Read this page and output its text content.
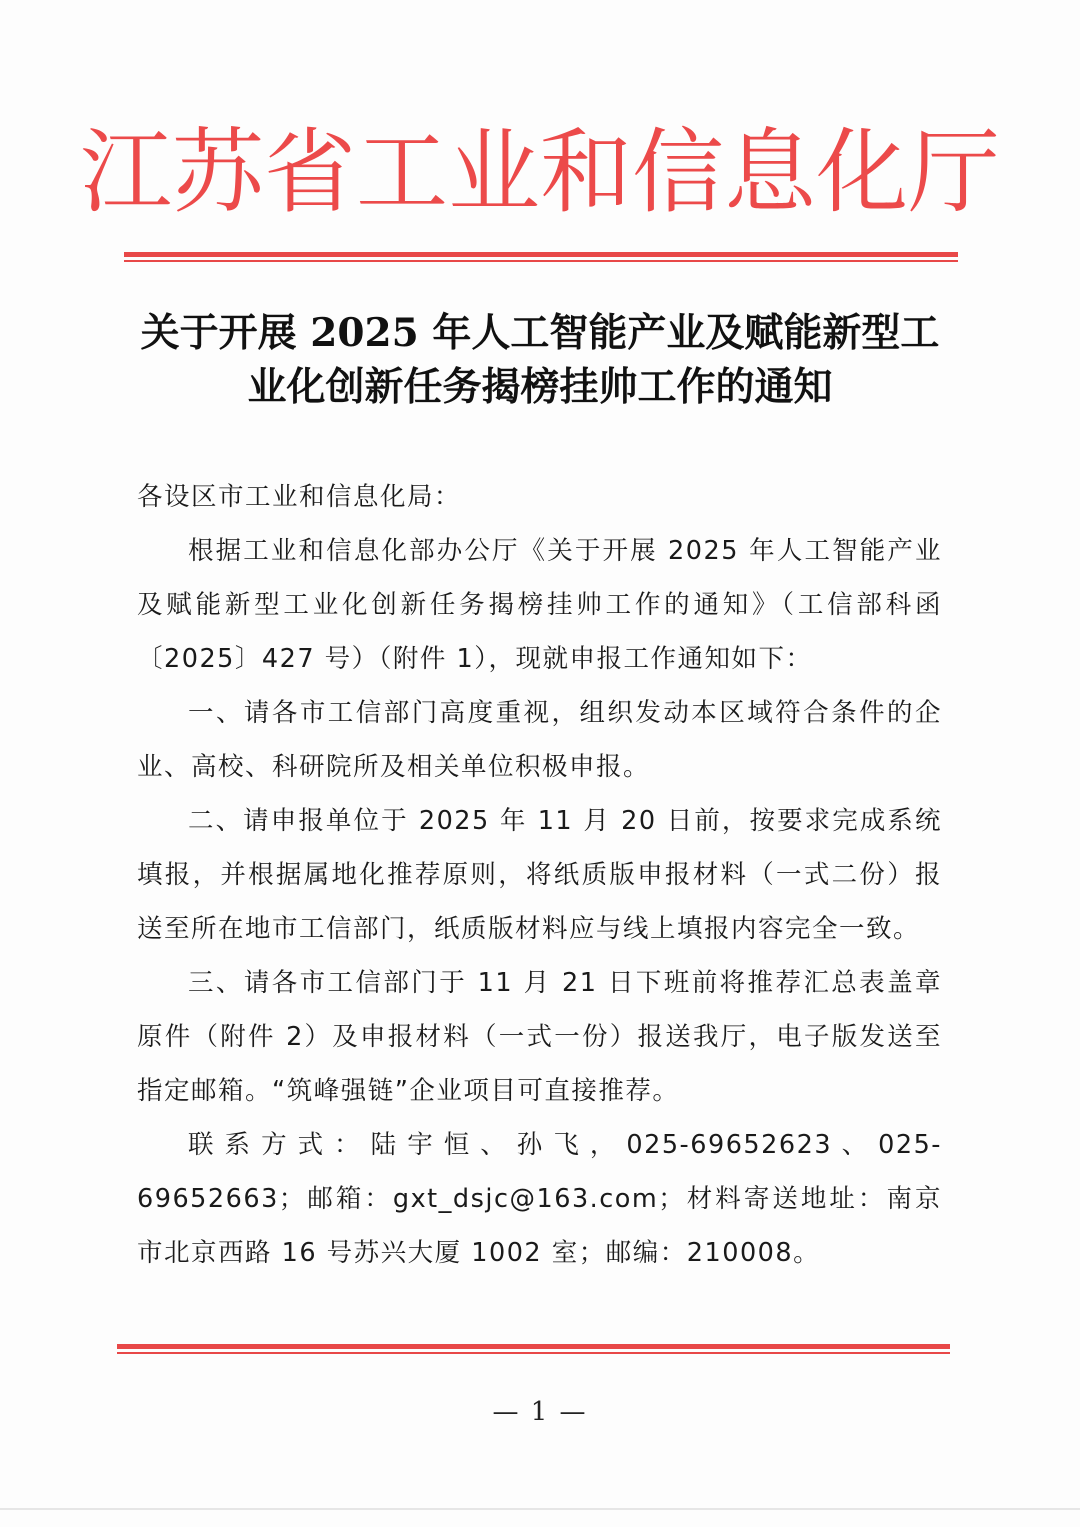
江苏省工业和信息化厅
关于开展 2025 年人工智能产业及赋能新型工
业化创新任务揭榜挂帅工作的通知

各设区市工业和信息化局：

根据工业和信息化部办公厅《关于开展 2025 年人工智能产业及赋能新型工业化创新任务揭榜挂帅工作的通知》（工信部科函〔2025〕427 号）（附件 1），现就申报工作通知如下：

一、请各市工信部门高度重视，组织发动本区域符合条件的企业、高校、科研院所及相关单位积极申报。

二、请申报单位于 2025 年 11 月 20 日前，按要求完成系统填报，并根据属地化推荐原则，将纸质版申报材料（一式二份）报送至所在地市工信部门，纸质版材料应与线上填报内容完全一致。

三、请各市工信部门于 11 月 21 日下班前将推荐汇总表盖章原件（附件 2）及申报材料（一式一份）报送我厅，电子版发送至指定邮箱。“筑峰强链”企业项目可直接推荐。

联系方式：陆宇恒、孙飞，025-69652623、025-69652663；邮箱：gxt_dsjc@163.com；材料寄送地址：南京市北京西路 16 号苏兴大厦 1002 室；邮编：210008。

— 1 —
